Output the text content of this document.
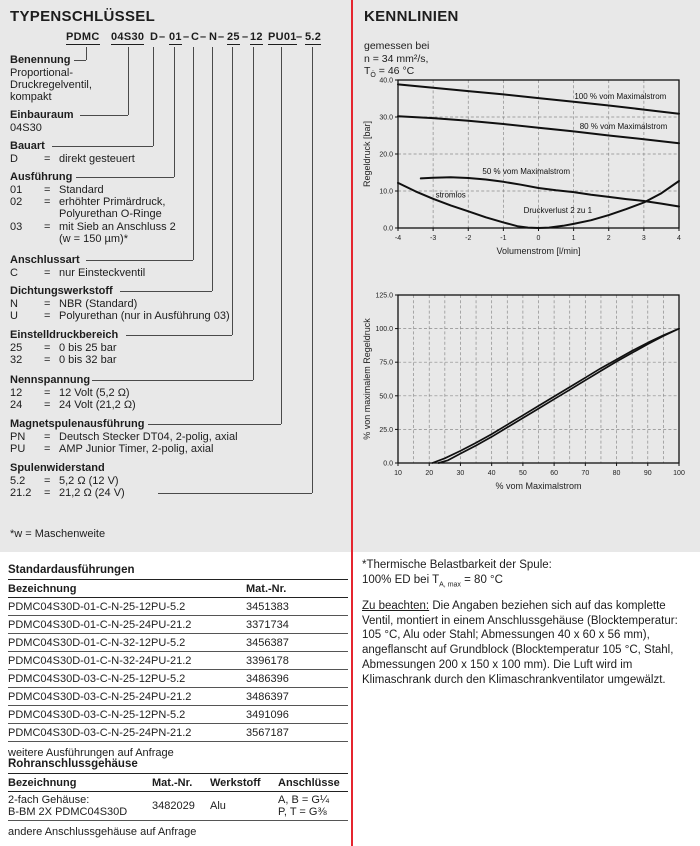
TYPENSCHLÜSSEL
PDMC 04S30 D – 01 – C – N – 25 – 12 PU01 – 5.2
Benennung
Proportional-
Druckregelventil,
kompakt
Einbauraum
04S30
Bauart
D	= direkt gesteuert
Ausführung
01	= Standard
02	= erhöhter Primärdruck,
Polyurethan O-Ringe
03	= mit Sieb an Anschluss 2
(w = 150 µm)*
Anschlussart
C	= nur Einsteckventil
Dichtungswerkstoff
N	= NBR (Standard)
U	= Polyurethan (nur in Ausführung 03)
Einstelldruckbereich
25	= 0 bis 25 bar
32	= 0 bis 32 bar
Nennspannung
12	= 12 Volt (5,2 Ω)
24	= 24 Volt (21,2 Ω)
Magnetspulenausführung
PN	= Deutsch Stecker DT04, 2-polig, axial
PU	= AMP Junior Timer, 2-polig, axial
Spulenwiderstand
5.2	= 5,2 Ω (12 V)
21.2	= 21,2 Ω (24 V)
*w = Maschenweite
KENNLINIEN
gemessen bei
n = 34 mm²/s,
$T_Ö = 46$ °C
-4	-3	-2	-1	0	1	2	3	4
0.0
10.0
20.0
30.0
40.0
100 % vom Maximalstrom
80 % vom Maximalstrom
50 % vom Maximalstrom
stromlos
Druckverlust 2 zu 1
Volumenstrom [l/min]
Regeldruck [bar]
10	20	30	40	50	60	70	80	90	100
0.0
25.0
50.0
75.0
100.0
125.0
% vom Maximalstrom
% von maximalem Regeldruck
*Thermische Belastbarkeit der Spule:
100% ED bei $T_{A, max} = 80$ °C
Zu beachten: Die Angaben beziehen sich auf das komplette Ventil, montiert in einem Anschlussgehäuse (Blocktemperatur: 105 °C, Alu oder Stahl; Abmessungen 40 x 60 x 56 mm), angeflanscht auf Grundblock (Blocktemperatur 105 °C, Stahl, Abmessungen 200 x 150 x 100 mm). Die Luft wird im Klimaschrank durch den Klimaschrankventilator umgewälzt.
Standardausführungen
Bezeichnung	Mat.-Nr.
PDMC04S30D-01-C-N-25-12PU-5.2	3451383
PDMC04S30D-01-C-N-25-24PU-21.2	3371734
PDMC04S30D-01-C-N-32-12PU-5.2	3456387
PDMC04S30D-01-C-N-32-24PU-21.2	3396178
PDMC04S30D-03-C-N-25-12PU-5.2	3486396
PDMC04S30D-03-C-N-25-24PU-21.2	3486397
PDMC04S30D-03-C-N-25-12PN-5.2	3491096
PDMC04S30D-03-C-N-25-24PN-21.2	3567187
weitere Ausführungen auf Anfrage
Rohranschlussgehäuse
Bezeichnung	Mat.-Nr.	Werkstoff	Anschlüsse
2-fach Gehäuse:
B-BM 2X PDMC04S30D	3482029	Alu	A, B = G¼
P, T = G⅜
andere Anschlussgehäuse auf Anfrage
